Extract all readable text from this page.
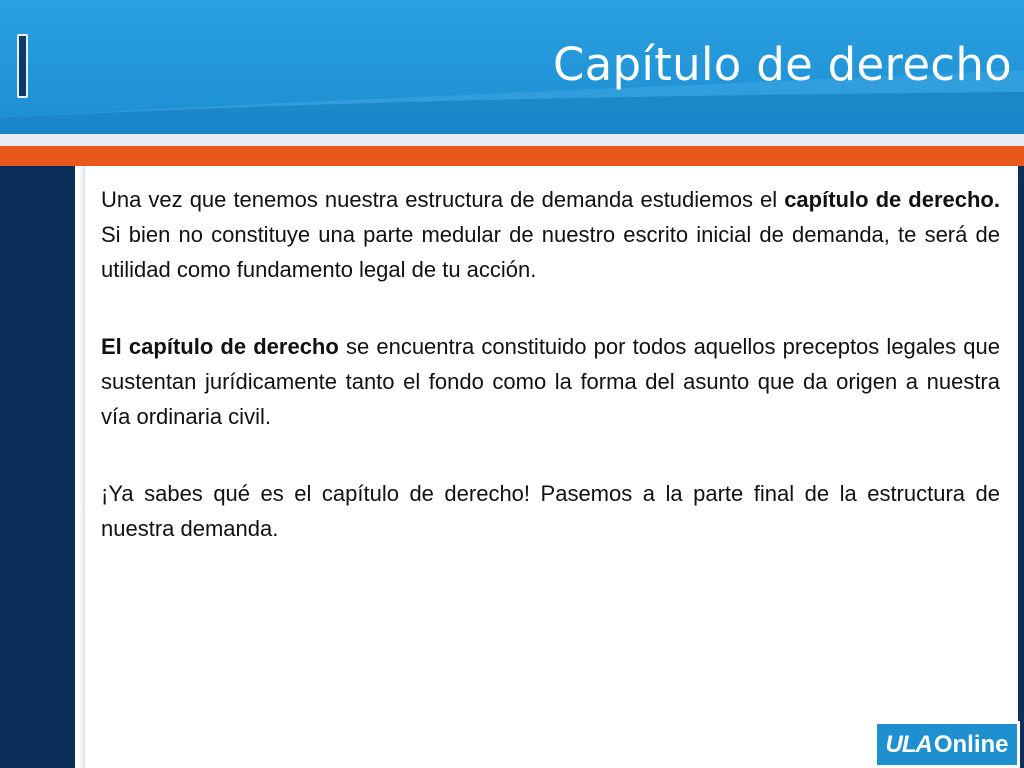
Capítulo de derecho

Una vez que tenemos nuestra estructura de demanda estudiemos el capítulo de derecho. Si bien no constituye una parte medular de nuestro escrito inicial de demanda, te será de utilidad como fundamento legal de tu acción.

El capítulo de derecho se encuentra constituido por todos aquellos preceptos legales que sustentan jurídicamente tanto el fondo como la forma del asunto que da origen a nuestra vía ordinaria civil.

¡Ya sabes qué es el capítulo de derecho! Pasemos a la parte final de la estructura de nuestra demanda.

ULA Online
